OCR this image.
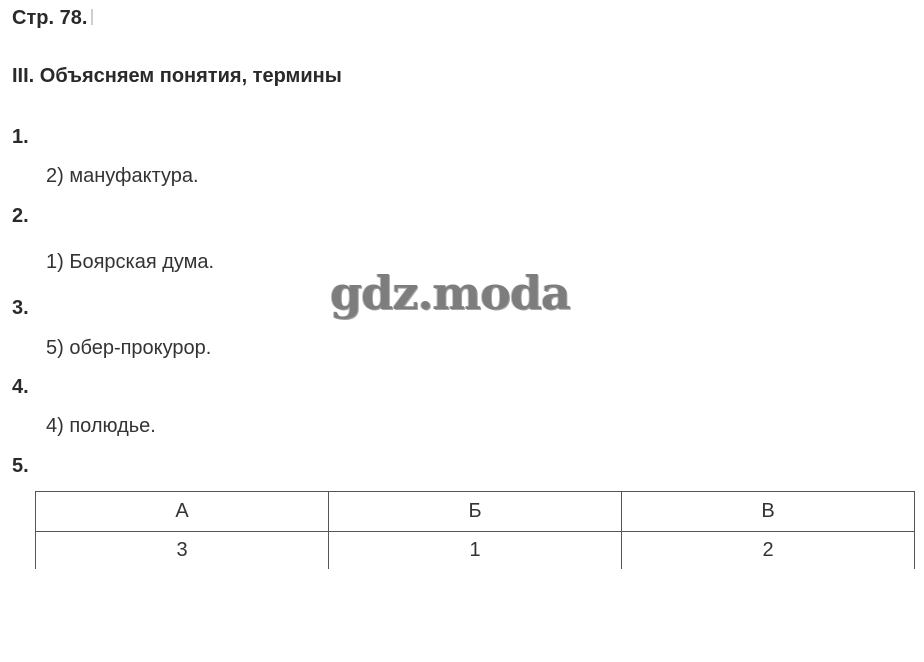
Стр. 78.
III. Объясняем понятия, термины
1.
2) мануфактура.
2.
1) Боярская дума.
3.
5) обер-прокурор.
4.
4) полюдье.
5.
gdz.moda
А	Б	В
3	1	2
